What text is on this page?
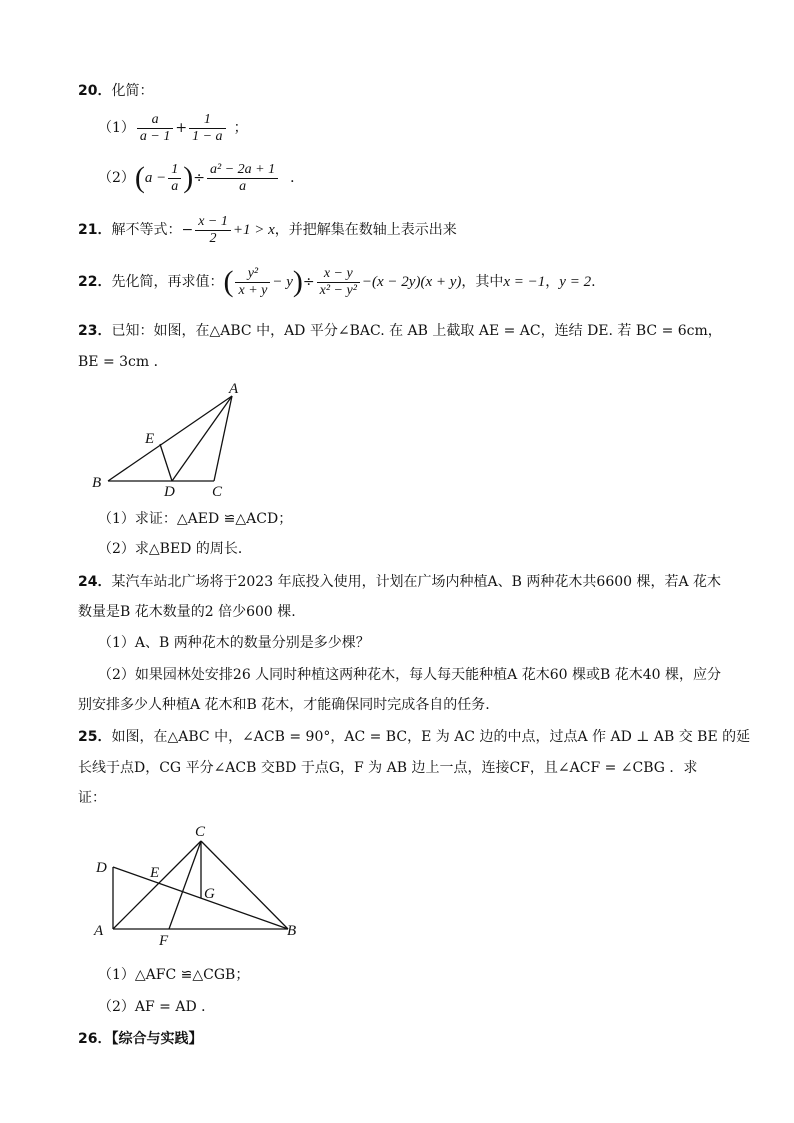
20．化简：
$(1) \frac{a}{a - 1} + \frac{1}{1 - a}$ ；
$(2)(a - \frac{1}{a}$ )÷ $\frac{\text{a² − 2a + 1}}{a}$ ．
21．解不等式：− $\frac{x - 1}{2} +1 > x$，并把解集在数轴上表示出来
22．先化简，再求值：( $\frac{\text{y²}}{x + y} - y)\div \frac{x - y}{\text{x² − y²}} -(x - 2y)(x + y)$，其中x = −1，y = 2.
23．已知：如图，在△ABC 中，AD 平分∠BAC. 在 AB 上截取 AE = AC，连结 DE. 若 BC = 6cm，
BE = 3cm ．
A
B
C
D
E
（1）求证：△AED ≌△ACD；
（2）求△BED 的周长．
24．某汽车站北广场将于2023 年底投入使用，计划在广场内种植A、B 两种花木共6600 棵，若A 花木
数量是B 花木数量的2 倍少600 棵.
（1）A、B 两种花木的数量分别是多少棵？
（2）如果园林处安排26 人同时种植这两种花木，每人每天能种植A 花木60 棵或B 花木40 棵，应分
别安排多少人种植A 花木和B 花木，才能确保同时完成各自的任务.
25．如图，在△ABC 中，∠ACB = 90°，AC = BC，E 为 AC 边的中点，过点A 作 AD ⊥ AB 交 BE 的延
长线于点D，CG 平分∠ACB 交BD 于点G，F 为 AB 边上一点，连接CF，且∠ACF = ∠CBG ．求
证：
C
D	E
G
A
F
B
（1）△AFC ≌△CGB；
（2）AF = AD ．
26．【综合与实践】
